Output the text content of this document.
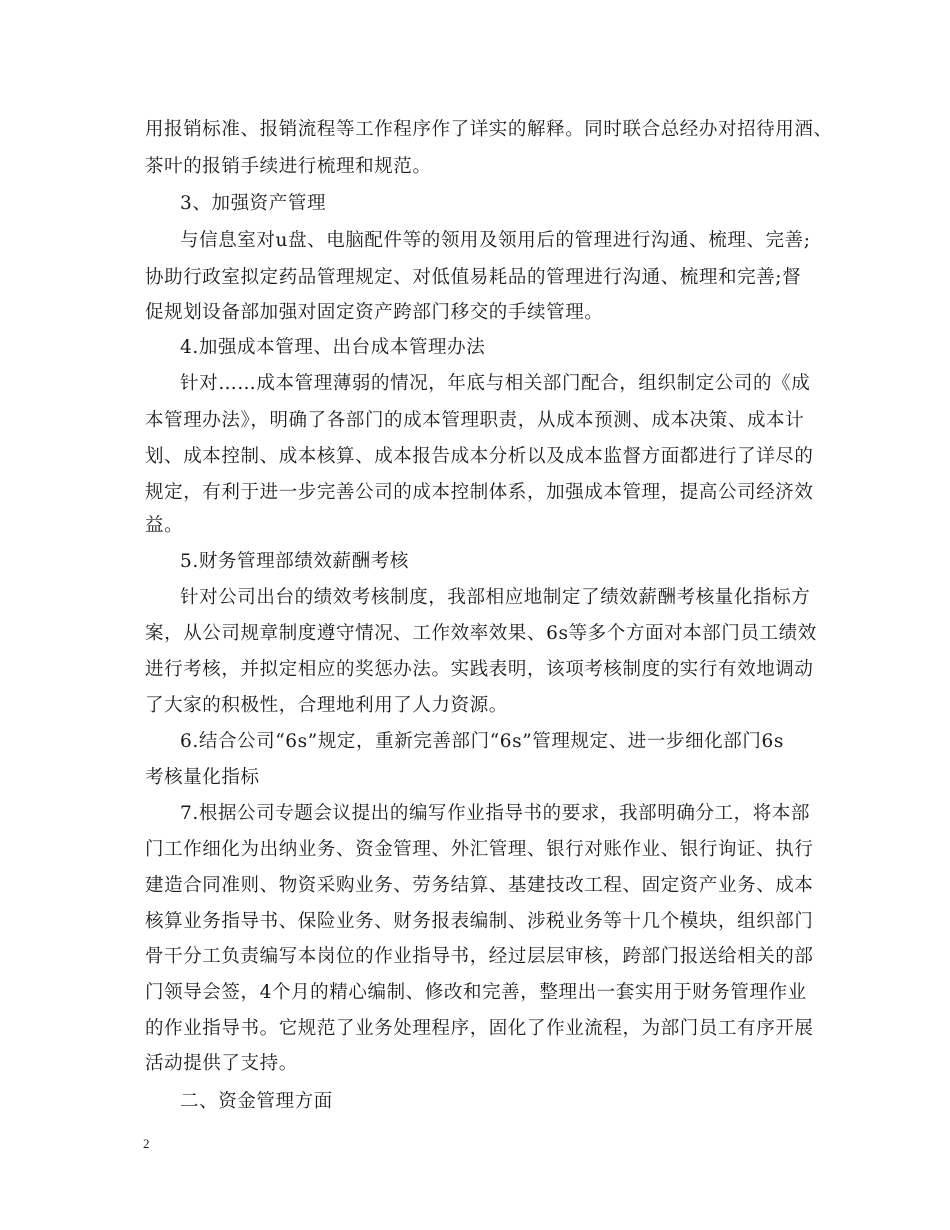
用报销标准、报销流程等工作程序作了详实的解释。同时联合总经办对招待用酒、
茶叶的报销手续进行梳理和规范。
3、加强资产管理
与信息室对u盘、电脑配件等的领用及领用后的管理进行沟通、梳理、完善;
协助行政室拟定药品管理规定、对低值易耗品的管理进行沟通、梳理和完善;督
促规划设备部加强对固定资产跨部门移交的手续管理。
4.加强成本管理、出台成本管理办法
针对……成本管理薄弱的情况，年底与相关部门配合，组织制定公司的《成
本管理办法》，明确了各部门的成本管理职责，从成本预测、成本决策、成本计
划、成本控制、成本核算、成本报告成本分析以及成本监督方面都进行了详尽的
规定，有利于进一步完善公司的成本控制体系，加强成本管理，提高公司经济效
益。
5.财务管理部绩效薪酬考核
针对公司出台的绩效考核制度，我部相应地制定了绩效薪酬考核量化指标方
案，从公司规章制度遵守情况、工作效率效果、6s等多个方面对本部门员工绩效
进行考核，并拟定相应的奖惩办法。实践表明，该项考核制度的实行有效地调动
了大家的积极性，合理地利用了人力资源。
6.结合公司“6s”规定，重新完善部门“6s”管理规定、进一步细化部门6s
考核量化指标
7.根据公司专题会议提出的编写作业指导书的要求，我部明确分工，将本部
门工作细化为出纳业务、资金管理、外汇管理、银行对账作业、银行询证、执行
建造合同准则、物资采购业务、劳务结算、基建技改工程、固定资产业务、成本
核算业务指导书、保险业务、财务报表编制、涉税业务等十几个模块，组织部门
骨干分工负责编写本岗位的作业指导书，经过层层审核，跨部门报送给相关的部
门领导会签，4个月的精心编制、修改和完善，整理出一套实用于财务管理作业
的作业指导书。它规范了业务处理程序，固化了作业流程，为部门员工有序开展
活动提供了支持。
二、资金管理方面
2
